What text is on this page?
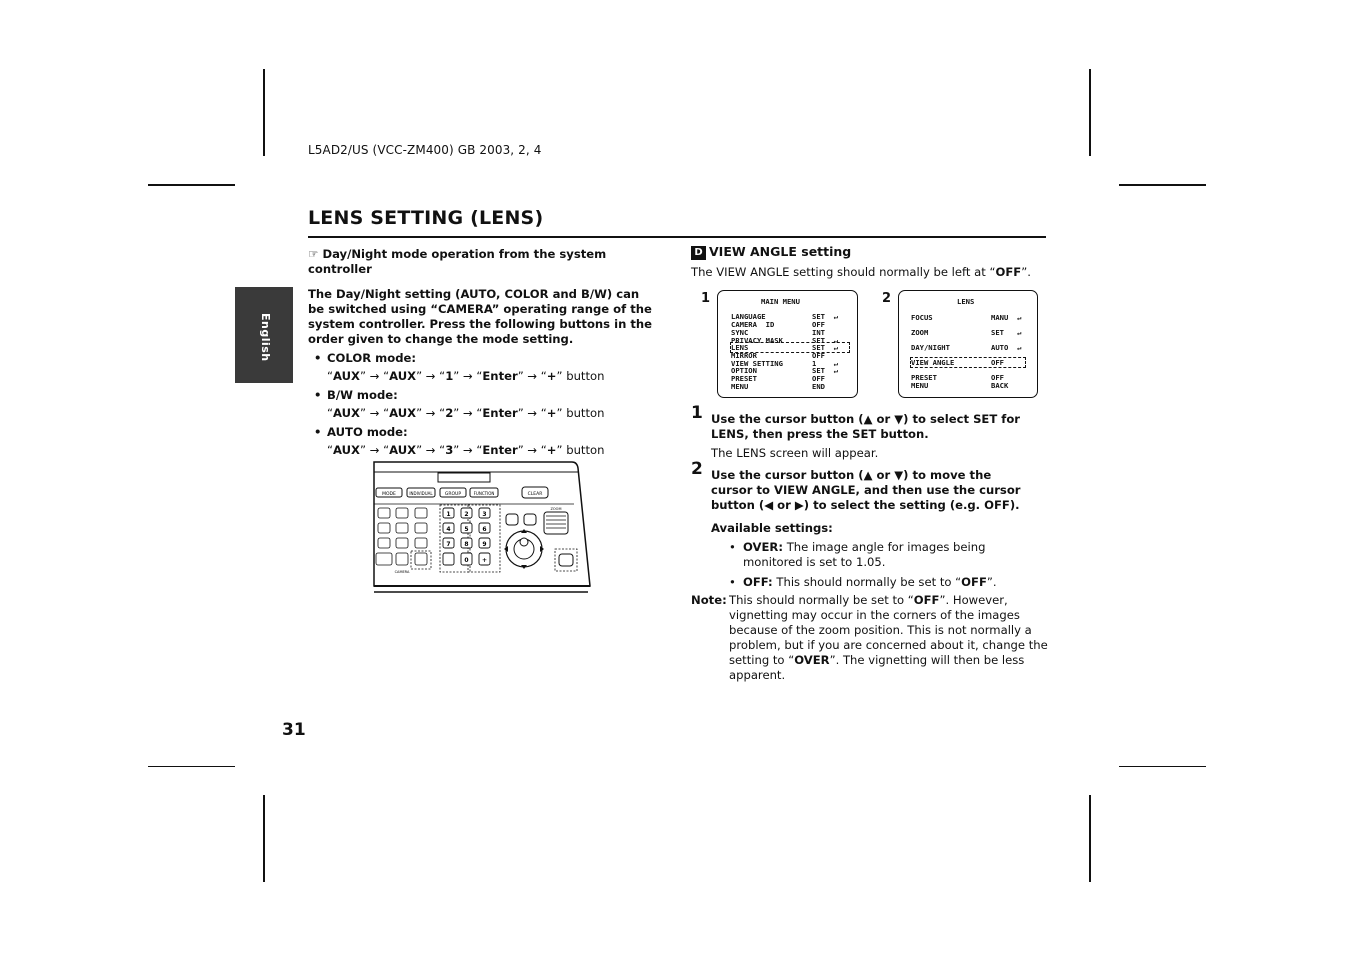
L5AD2/US (VCC-ZM400) GB 2003, 2, 4
LENS SETTING (LENS)
English
31
☞ Day/Night mode operation from the system controller
The Day/Night setting (AUTO, COLOR and B/W) can be switched using “CAMERA” operating range of the system controller. Press the following buttons in the order given to change the mode setting.
• COLOR mode:
“AUX” → “AUX” → “1” → “Enter” → “+” button
• B/W mode:
“AUX” → “AUX” → “2” → “Enter” → “+” button
• AUTO mode:
“AUX” → “AUX” → “3” → “Enter” → “+” button
MODE	INDIVIDUAL	GROUP	FUNCTION	CLEAR
CAMERA
1 2 3
4 5 6
7 8 9
0 +
ZOOM
D VIEW ANGLE setting
The VIEW ANGLE setting should normally be left at “OFF”.
1	MAIN MENU
LANGUAGE	SET  ↵
CAMERA  ID	OFF
SYNC	INT
PRIVACY MASK	SET  ↵
LENS	SET  ↵
MIRROR	OFF
VIEW SETTING	1    ↵
OPTION	SET  ↵
PRESET	OFF
MENU	END
2	LENS
FOCUS	MANU  ↵
ZOOM	SET   ↵
DAY/NIGHT	AUTO  ↵
VIEW ANGLE	OFF
PRESET	OFF
MENU	BACK
1 Use the cursor button (▲ or ▼) to select SET for LENS, then press the SET button.
The LENS screen will appear.
2 Use the cursor button (▲ or ▼) to move the cursor to VIEW ANGLE, and then use the cursor button (◀ or ▶) to select the setting (e.g. OFF).
Available settings:
• OVER: The image angle for images being monitored is set to 1.05.
• OFF: This should normally be set to “OFF”.
Note: This should normally be set to “OFF”. However, vignetting may occur in the corners of the images because of the zoom position. This is not normally a problem, but if you are concerned about it, change the setting to “OVER”. The vignetting will then be less apparent.
